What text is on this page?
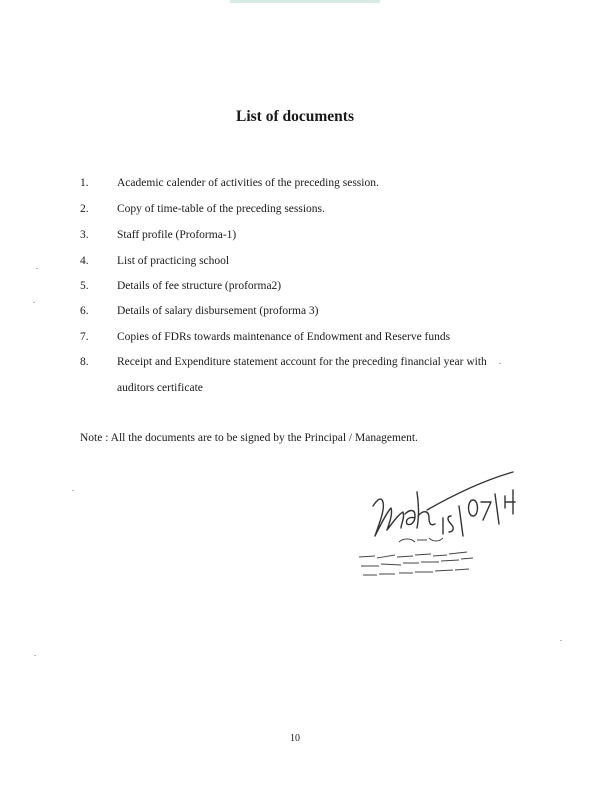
List of documents
1. Academic calender of activities of the preceding session.
2. Copy of time-table of the preceding sessions.
3. Staff profile (Proforma-1)
4. List of practicing school
5. Details of fee structure (proforma2)
6. Details of salary disbursement (proforma 3)
7. Copies of FDRs towards maintenance of Endowment and Reserve funds
8. Receipt and Expenditure statement account for the preceding financial year with
auditors certificate
Note : All the documents are to be signed by the Principal / Management.
10
